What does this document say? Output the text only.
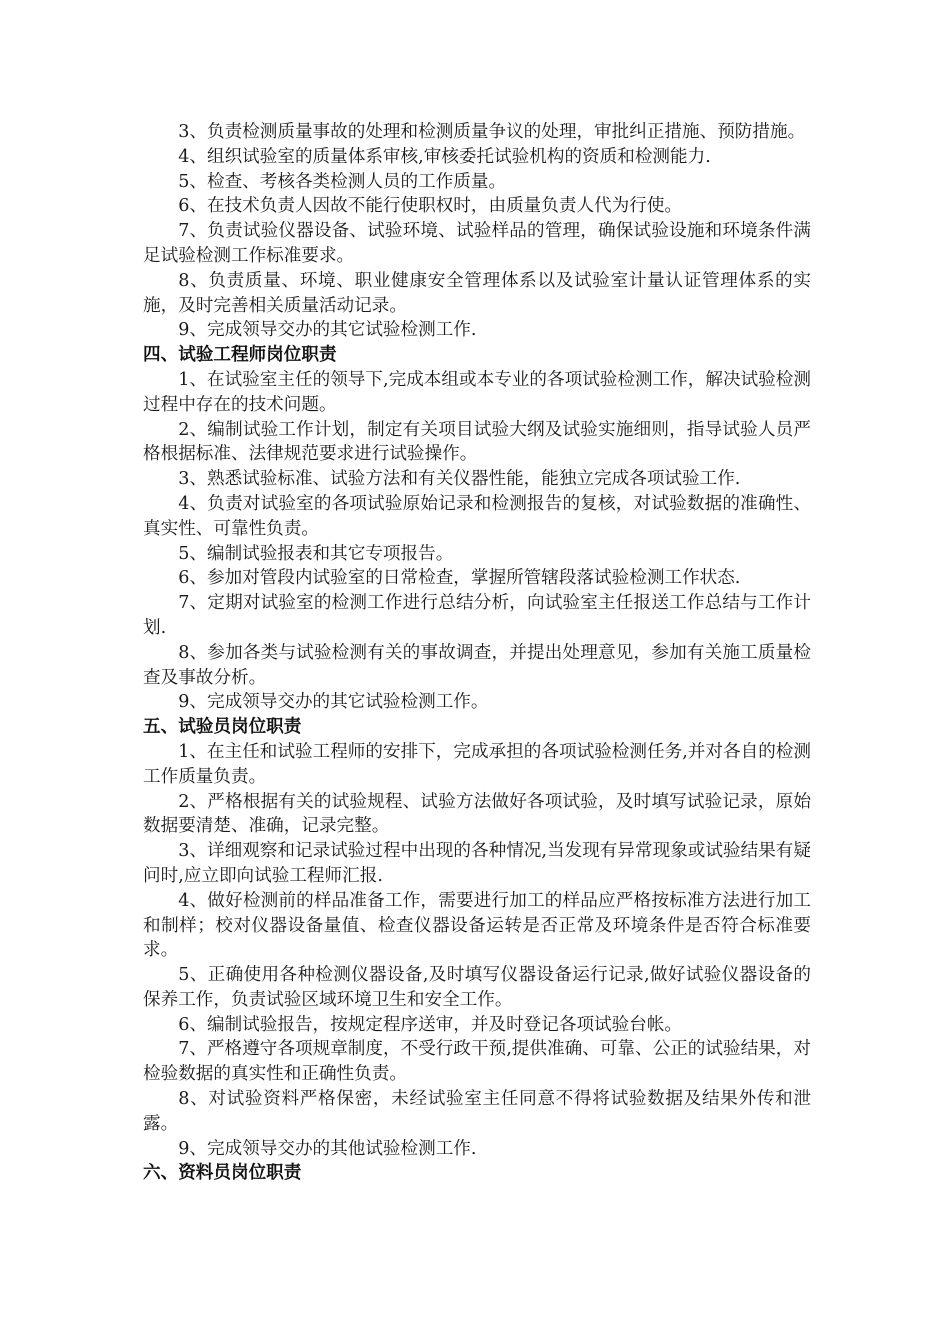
3、负责检测质量事故的处理和检测质量争议的处理，审批纠正措施、预防措施。

4、组织试验室的质量体系审核,审核委托试验机构的资质和检测能力.

5、检查、考核各类检测人员的工作质量。

6、在技术负责人因故不能行使职权时，由质量负责人代为行使。

7、负责试验仪器设备、试验环境、试验样品的管理，确保试验设施和环境条件满足试验检测工作标准要求。

8、负责质量、环境、职业健康安全管理体系以及试验室计量认证管理体系的实施，及时完善相关质量活动记录。

9、完成领导交办的其它试验检测工作.

四、试验工程师岗位职责

1、在试验室主任的领导下,完成本组或本专业的各项试验检测工作，解决试验检测过程中存在的技术问题。

2、编制试验工作计划，制定有关项目试验大纲及试验实施细则，指导试验人员严格根据标准、法律规范要求进行试验操作。

3、熟悉试验标准、试验方法和有关仪器性能，能独立完成各项试验工作.

4、负责对试验室的各项试验原始记录和检测报告的复核，对试验数据的准确性、真实性、可靠性负责。

5、编制试验报表和其它专项报告。

6、参加对管段内试验室的日常检查，掌握所管辖段落试验检测工作状态.

7、定期对试验室的检测工作进行总结分析，向试验室主任报送工作总结与工作计划.

8、参加各类与试验检测有关的事故调查，并提出处理意见，参加有关施工质量检查及事故分析。

9、完成领导交办的其它试验检测工作。

五、试验员岗位职责

1、在主任和试验工程师的安排下，完成承担的各项试验检测任务,并对各自的检测工作质量负责。

2、严格根据有关的试验规程、试验方法做好各项试验，及时填写试验记录，原始数据要清楚、准确，记录完整。

3、详细观察和记录试验过程中出现的各种情况,当发现有异常现象或试验结果有疑问时,应立即向试验工程师汇报.

4、做好检测前的样品准备工作，需要进行加工的样品应严格按标准方法进行加工和制样；校对仪器设备量值、检查仪器设备运转是否正常及环境条件是否符合标准要求。

5、正确使用各种检测仪器设备,及时填写仪器设备运行记录,做好试验仪器设备的保养工作，负责试验区域环境卫生和安全工作。

6、编制试验报告，按规定程序送审，并及时登记各项试验台帐。

7、严格遵守各项规章制度，不受行政干预,提供准确、可靠、公正的试验结果，对检验数据的真实性和正确性负责。

8、对试验资料严格保密，未经试验室主任同意不得将试验数据及结果外传和泄露。

9、完成领导交办的其他试验检测工作.

六、资料员岗位职责
